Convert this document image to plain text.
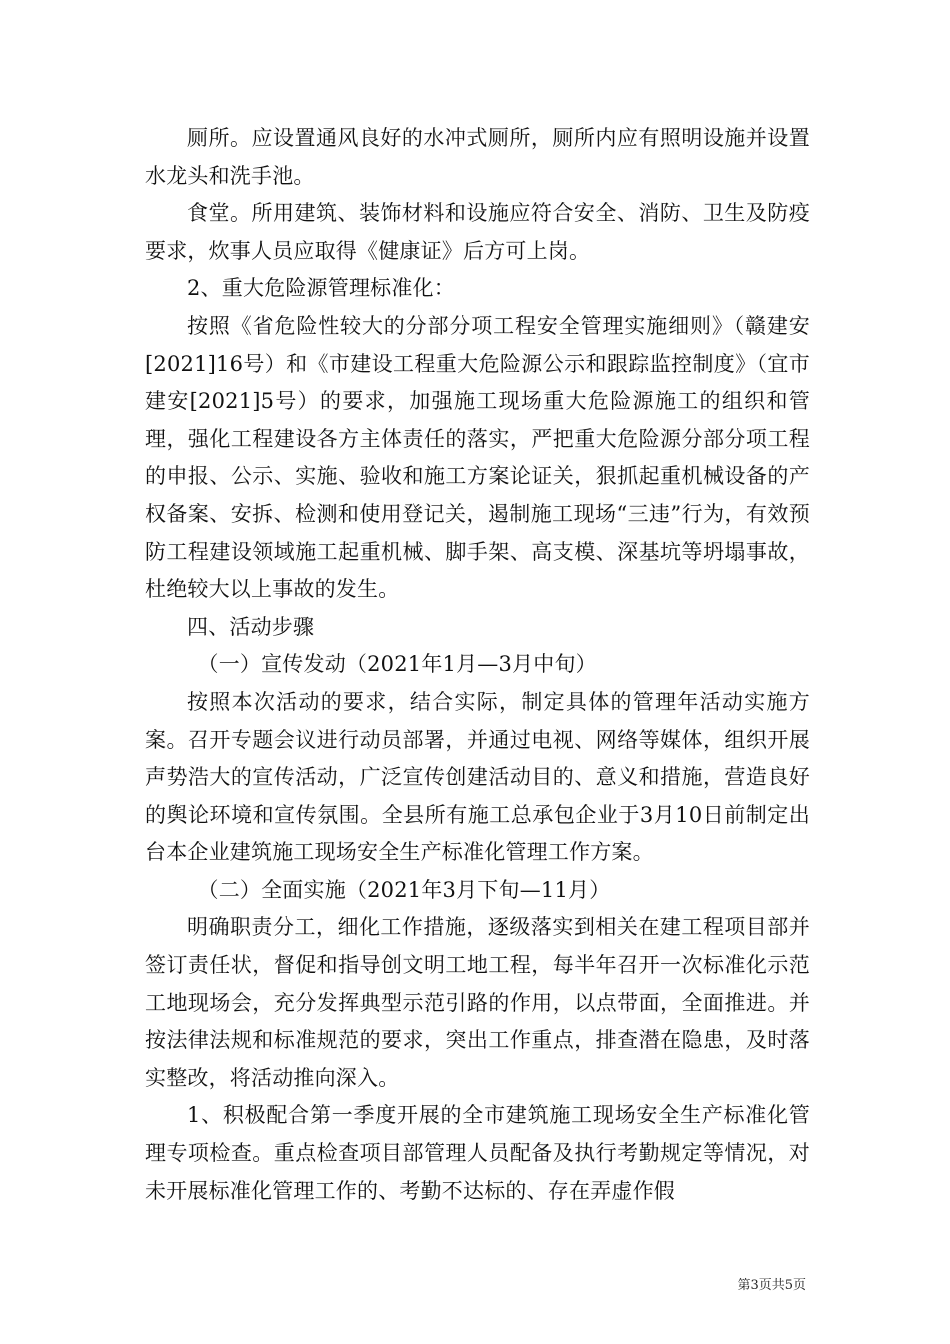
厕所。应设置通风良好的水冲式厕所，厕所内应有照明设施并设置水龙头和洗手池。

食堂。所用建筑、装饰材料和设施应符合安全、消防、卫生及防疫要求，炊事人员应取得《健康证》后方可上岗。

2、重大危险源管理标准化：

按照《省危险性较大的分部分项工程安全管理实施细则》（赣建安[2021]16号）和《市建设工程重大危险源公示和跟踪监控制度》（宜市建安[2021]5号）的要求，加强施工现场重大危险源施工的组织和管理，强化工程建设各方主体责任的落实，严把重大危险源分部分项工程的申报、公示、实施、验收和施工方案论证关，狠抓起重机械设备的产权备案、安拆、检测和使用登记关，遏制施工现场“三违”行为，有效预防工程建设领域施工起重机械、脚手架、高支模、深基坑等坍塌事故，杜绝较大以上事故的发生。

四、活动步骤

（一）宣传发动（2021年1月—3月中旬）

按照本次活动的要求，结合实际，制定具体的管理年活动实施方案。召开专题会议进行动员部署，并通过电视、网络等媒体，组织开展声势浩大的宣传活动，广泛宣传创建活动目的、意义和措施，营造良好的舆论环境和宣传氛围。全县所有施工总承包企业于3月10日前制定出台本企业建筑施工现场安全生产标准化管理工作方案。

（二）全面实施（2021年3月下旬—11月）

明确职责分工，细化工作措施，逐级落实到相关在建工程项目部并签订责任状，督促和指导创文明工地工程，每半年召开一次标准化示范工地现场会，充分发挥典型示范引路的作用，以点带面，全面推进。并按法律法规和标准规范的要求，突出工作重点，排查潜在隐患，及时落实整改，将活动推向深入。

1、积极配合第一季度开展的全市建筑施工现场安全生产标准化管理专项检查。重点检查项目部管理人员配备及执行考勤规定等情况，对未开展标准化管理工作的、考勤不达标的、存在弄虚作假

第3页共5页
